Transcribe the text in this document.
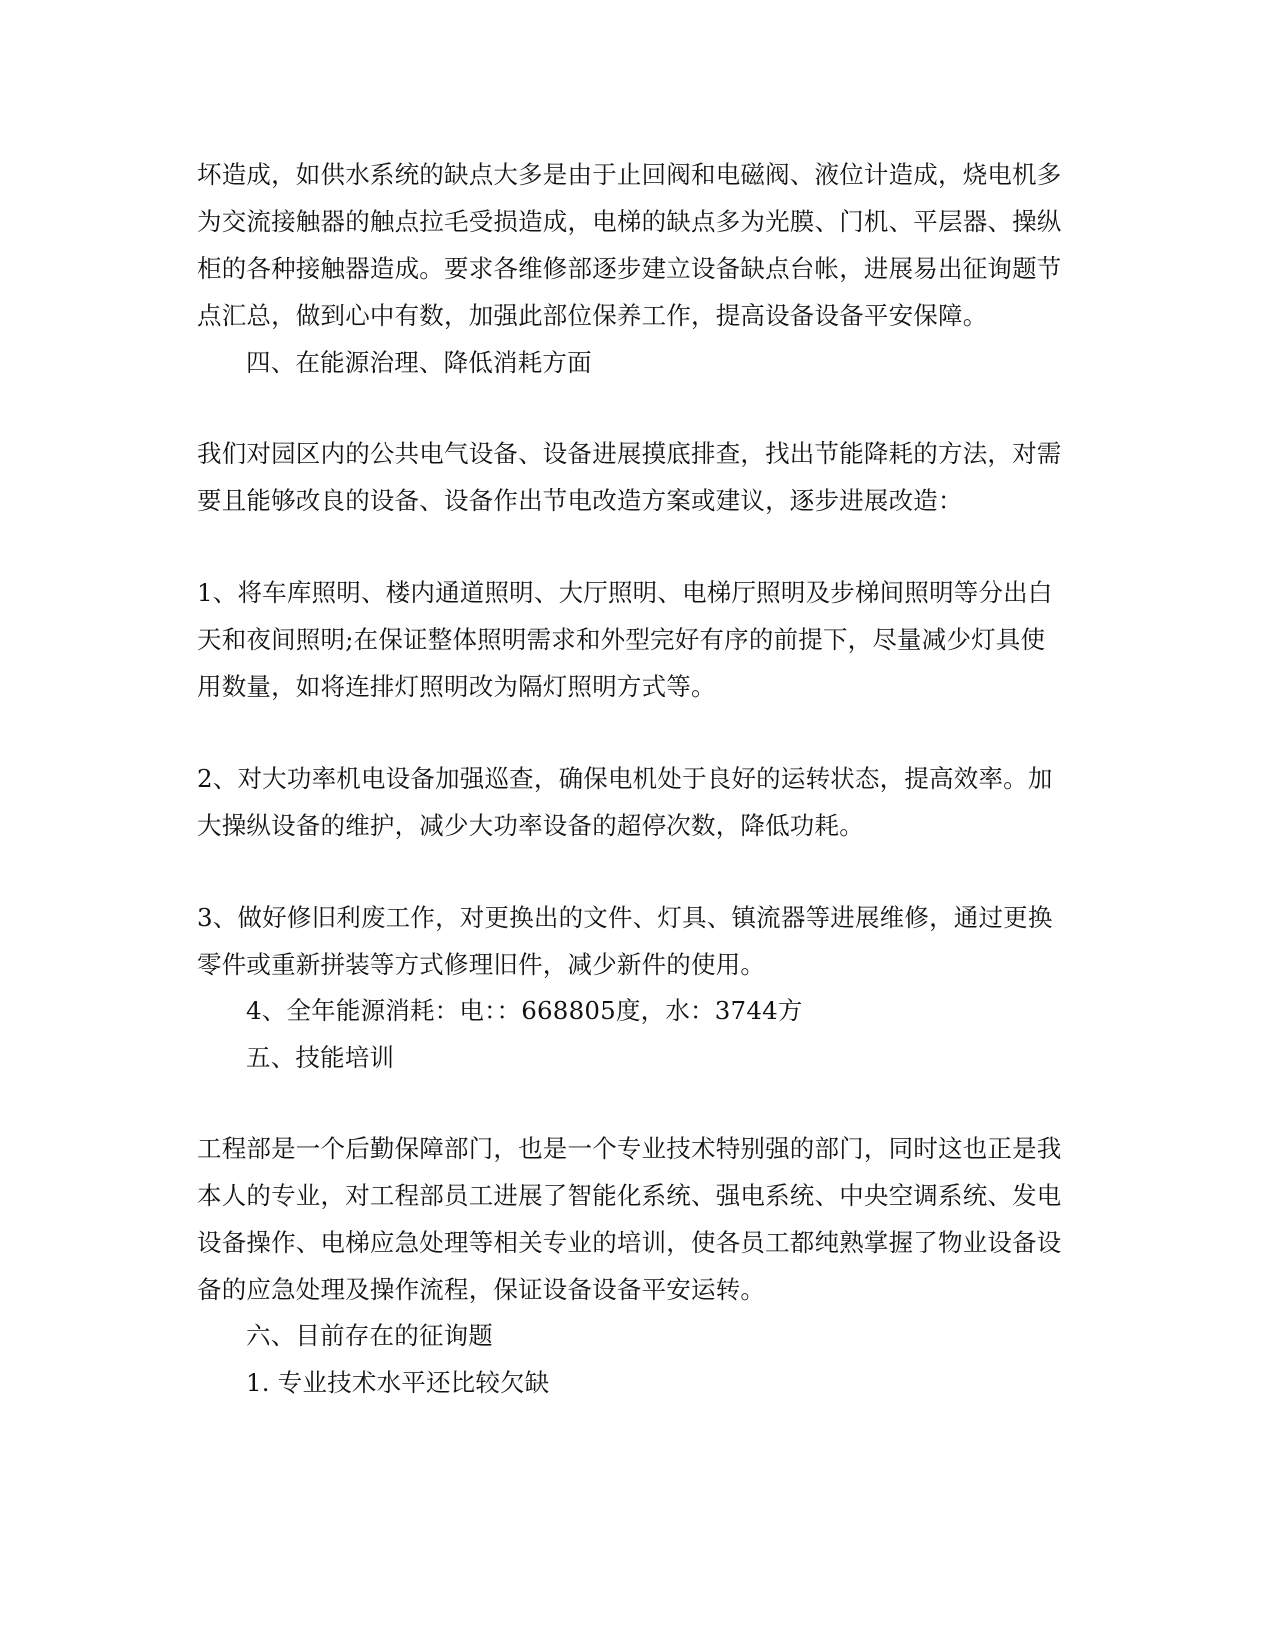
坏造成，如供水系统的缺点大多是由于止回阀和电磁阀、液位计造成，烧电机多
为交流接触器的触点拉毛受损造成，电梯的缺点多为光膜、门机、平层器、操纵
柜的各种接触器造成。要求各维修部逐步建立设备缺点台帐，进展易出征询题节
点汇总，做到心中有数，加强此部位保养工作，提高设备设备平安保障。
四、在能源治理、降低消耗方面
我们对园区内的公共电气设备、设备进展摸底排查，找出节能降耗的方法，对需
要且能够改良的设备、设备作出节电改造方案或建议，逐步进展改造：
1、将车库照明、楼内通道照明、大厅照明、电梯厅照明及步梯间照明等分出白
天和夜间照明;在保证整体照明需求和外型完好有序的前提下，尽量减少灯具使
用数量，如将连排灯照明改为隔灯照明方式等。
2、对大功率机电设备加强巡查，确保电机处于良好的运转状态，提高效率。加
大操纵设备的维护，减少大功率设备的超停次数，降低功耗。
3、做好修旧利废工作，对更换出的文件、灯具、镇流器等进展维修，通过更换
零件或重新拼装等方式修理旧件，减少新件的使用。
4、全年能源消耗：电：：668805度，水：3744方
五、技能培训
工程部是一个后勤保障部门，也是一个专业技术特别强的部门，同时这也正是我
本人的专业，对工程部员工进展了智能化系统、强电系统、中央空调系统、发电
设备操作、电梯应急处理等相关专业的培训，使各员工都纯熟掌握了物业设备设
备的应急处理及操作流程，保证设备设备平安运转。
六、目前存在的征询题
1. 专业技术水平还比较欠缺
